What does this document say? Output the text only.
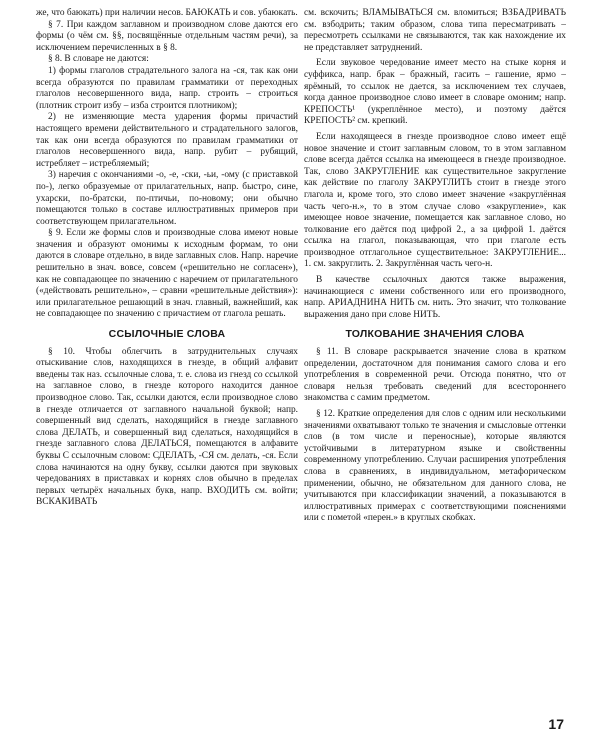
же, что баюкать) при наличии несов. БАЮКАТЬ и сов. убаюкать.

§ 7. При каждом заглавном и производном слове даются его формы (о чём см. §§, посвящённые отдельным частям речи), за исключением перечисленных в § 8.

§ 8. В словаре не даются:

1) формы глаголов страдательного залога на -ся, так как они всегда образуются по правилам грамматики от переходных глаголов несовершенного вида, напр. строить – строиться (плотник строит избу – изба строится плотником);

2) не изменяющие места ударения формы причастий настоящего времени действительного и страдательного залогов, так как они всегда образуются по правилам грамматики от глаголов несовершенного вида, напр. рубит – рубящий, истребляет – истребляемый;

3) наречия с окончаниями -о, -е, -ски, -ьи, -ому (с приставкой по-), легко образуемые от прилагательных, напр. быстро, сине, ухарски, по-братски, по-птичьи, по-новому; они обычно помещаются только в составе иллюстративных примеров при соответствующем прилагательном.

§ 9. Если же формы слов и производные слова имеют новые значения и образуют омонимы к исходным формам, то они даются в словаре отдельно, в виде заглавных слов. Напр. наречие решительно в знач. вовсе, совсем («решительно не согласен»), как не совпадающее по значению с наречием от прилагательного («действовать решительно», – сравни «решительные действия»): или прилагательное решающий в знач. главный, важнейший, как не совпадающее по значению с причастием от глагола решать.

ССЫЛОЧНЫЕ СЛОВА

§ 10. Чтобы облегчить в затруднительных случаях отыскивание слов, находящихся в гнезде, в общий алфавит введены так наз. ссылочные слова, т. е. слова из гнезд со ссылкой на заглавное слово, в гнезде которого находится данное производное слово. Так, ссылки даются, если производное слово в гнезде отличается от заглавного начальной буквой; напр. совершенный вид сделать, находящийся в гнезде заглавного слова ДЕЛАТЬ, и совершенный вид сделаться, находящийся в гнезде заглавного слова ДЕЛАТЬСЯ, помещаются в алфавите буквы С ссылочным словом: СДЕЛАТЬ, -СЯ см. делать, -ся. Если слова начинаются на одну букву, ссылки даются при звуковых чередованиях в приставках и корнях слов обычно в пределах первых четырёх начальных букв, напр. ВХОДИТЬ см. войти; ВСКАКИВАТЬ

см. вскочить; ВЛАМЫВАТЬСЯ см. вломиться; ВЗБАДРИВАТЬ см. взбодрить; таким образом, слова типа пересматривать – пересмотреть ссылками не связываются, так как нахождение их не представляет затруднений.

Если звуковое чередование имеет место на стыке корня и суффикса, напр. брак – бражный, гасить – гашение, ярмо – ярёмный, то ссылок не дается, за исключением тех случаев, когда данное производное слово имеет в словаре омоним; напр. КРЕПОСТЬ¹ (укреплённое место), и поэтому даётся КРЕПОСТЬ² см. крепкий.

Если находящееся в гнезде производное слово имеет ещё новое значение и стоит заглавным словом, то в этом заглавном слове всегда даётся ссылка на имеющееся в гнезде производное. Так, слово ЗАКРУГЛЕНИЕ как существительное закругление как действие по глаголу ЗАКРУГЛИТЬ стоит в гнезде этого глагола и, кроме того, это слово имеет значение «закруглённая часть чего-н.», то в этом случае слово «закругление», как имеющее новое значение, помещается как заглавное слово, но толкование его даётся под цифрой 2., а за цифрой 1. даётся ссылка на глагол, показывающая, что при глаголе есть производное отглагольное существительное: ЗАКРУГЛЕНИЕ... 1. см. закруглить. 2. Закруглённая часть чего-н.

В качестве ссылочных даются также выражения, начинающиеся с имени собственного или его производного, напр. АРИАДНИНА НИТЬ см. нить. Это значит, что толкование выражения дано при слове НИТЬ.

ТОЛКОВАНИЕ ЗНАЧЕНИЯ СЛОВА

§ 11. В словаре раскрывается значение слова в кратком определении, достаточном для понимания самого слова и его употребления в современной речи. Отсюда понятно, что от словаря нельзя требовать сведений для всестороннего знакомства с самим предметом.

§ 12. Краткие определения для слов с одним или несколькими значениями охватывают только те значения и смысловые оттенки слов (в том числе и переносные), которые являются устойчивыми в литературном языке и свойственны современному употреблению. Случаи расширения употребления слова в сравнениях, в индивидуальном, метафорическом применении, обычно, не обязательном для данного слова, не учитываются при классификации значений, а показываются в иллюстративных примерах с соответствующими пояснениями или с пометой «перен.» в круглых скобках.

17
